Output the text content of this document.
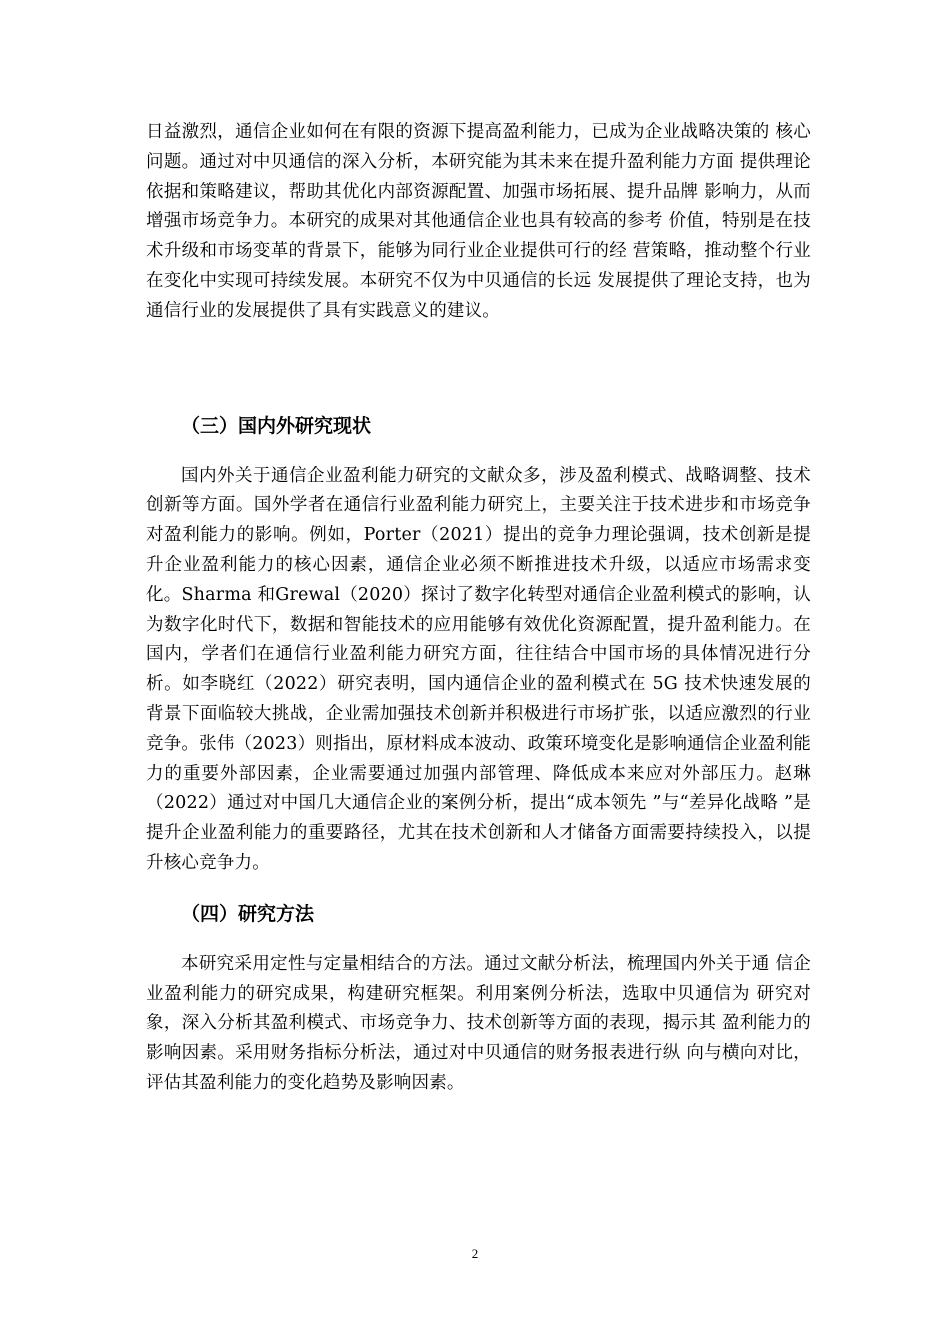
日益激烈，通信企业如何在有限的资源下提高盈利能力，已成为企业战略决策的 核心问题。通过对中贝通信的深入分析，本研究能为其未来在提升盈利能力方面 提供理论依据和策略建议，帮助其优化内部资源配置、加强市场拓展、提升品牌 影响力，从而增强市场竞争力。本研究的成果对其他通信企业也具有较高的参考 价值，特别是在技术升级和市场变革的背景下，能够为同行业企业提供可行的经 营策略，推动整个行业在变化中实现可持续发展。本研究不仅为中贝通信的长远 发展提供了理论支持，也为通信行业的发展提供了具有实践意义的建议。

（三）国内外研究现状

国内外关于通信企业盈利能力研究的文献众多，涉及盈利模式、战略调整、技术创新等方面。国外学者在通信行业盈利能力研究上，主要关注于技术进步和市场竞争对盈利能力的影响。例如，Porter（2021）提出的竞争力理论强调，技术创新是提升企业盈利能力的核心因素，通信企业必须不断推进技术升级，以适应市场需求变化。Sharma 和Grewal（2020）探讨了数字化转型对通信企业盈利模式的影响，认为数字化时代下，数据和智能技术的应用能够有效优化资源配置，提升盈利能力。在国内，学者们在通信行业盈利能力研究方面，往往结合中国市场的具体情况进行分析。如李晓红（2022）研究表明，国内通信企业的盈利模式在 5G 技术快速发展的背景下面临较大挑战，企业需加强技术创新并积极进行市场扩张，以适应激烈的行业竞争。张伟（2023）则指出，原材料成本波动、政策环境变化是影响通信企业盈利能力的重要外部因素，企业需要通过加强内部管理、降低成本来应对外部压力。赵琳（2022）通过对中国几大通信企业的案例分析，提出“成本领先 ”与“差异化战略 ”是提升企业盈利能力的重要路径，尤其在技术创新和人才储备方面需要持续投入，以提升核心竞争力。

（四）研究方法

本研究采用定性与定量相结合的方法。通过文献分析法，梳理国内外关于通 信企业盈利能力的研究成果，构建研究框架。利用案例分析法，选取中贝通信为 研究对象，深入分析其盈利模式、市场竞争力、技术创新等方面的表现，揭示其 盈利能力的影响因素。采用财务指标分析法，通过对中贝通信的财务报表进行纵 向与横向对比，评估其盈利能力的变化趋势及影响因素。

2
